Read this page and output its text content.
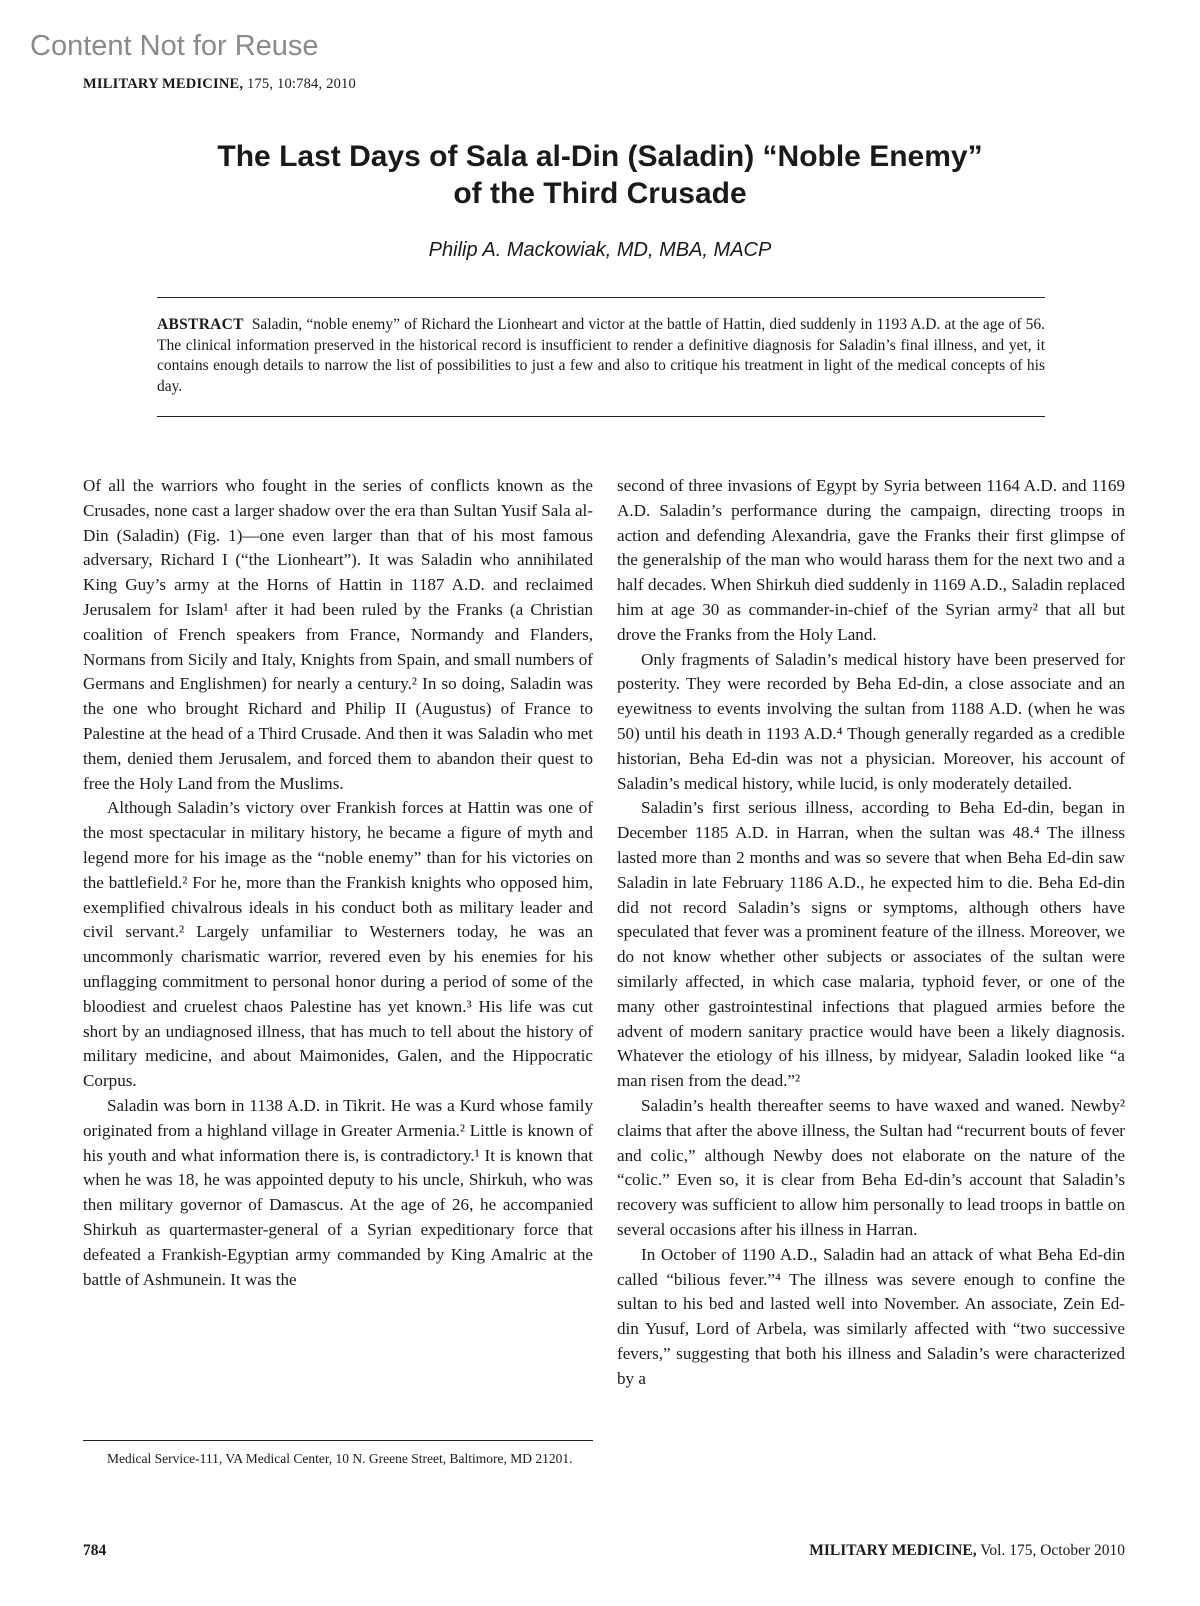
Content Not for Reuse
MILITARY MEDICINE, 175, 10:784, 2010
The Last Days of Sala al-Din (Saladin) “Noble Enemy”
of the Third Crusade
Philip A. Mackowiak, MD, MBA, MACP

ABSTRACT Saladin, “noble enemy” of Richard the Lionheart and victor at the battle of Hattin, died suddenly in 1193 A.D. at the age of 56. The clinical information preserved in the historical record is insufficient to render a definitive diagnosis for Saladin’s final illness, and yet, it contains enough details to narrow the list of possibilities to just a few and also to critique his treatment in light of the medical concepts of his day.

Of all the warriors who fought in the series of conflicts known as the Crusades, none cast a larger shadow over the era than Sultan Yusif Sala al-Din (Saladin) (Fig. 1)—one even larger than that of his most famous adversary, Richard I (“the Lionheart”). It was Saladin who annihilated King Guy’s army at the Horns of Hattin in 1187 A.D. and reclaimed Jerusalem for Islam¹ after it had been ruled by the Franks (a Christian coalition of French speakers from France, Normandy and Flanders, Normans from Sicily and Italy, Knights from Spain, and small numbers of Germans and Englishmen) for nearly a century.² In so doing, Saladin was the one who brought Richard and Philip II (Augustus) of France to Palestine at the head of a Third Crusade. And then it was Saladin who met them, denied them Jerusalem, and forced them to abandon their quest to free the Holy Land from the Muslims.

Although Saladin’s victory over Frankish forces at Hattin was one of the most spectacular in military history, he became a figure of myth and legend more for his image as the “noble enemy” than for his victories on the battlefield.² For he, more than the Frankish knights who opposed him, exemplified chivalrous ideals in his conduct both as military leader and civil servant.² Largely unfamiliar to Westerners today, he was an uncommonly charismatic warrior, revered even by his enemies for his unflagging commitment to personal honor during a period of some of the bloodiest and cruelest chaos Palestine has yet known.³ His life was cut short by an undiagnosed illness, that has much to tell about the history of military medicine, and about Maimonides, Galen, and the Hippocratic Corpus.

Saladin was born in 1138 A.D. in Tikrit. He was a Kurd whose family originated from a highland village in Greater Armenia.² Little is known of his youth and what information there is, is contradictory.¹ It is known that when he was 18, he was appointed deputy to his uncle, Shirkuh, who was then military governor of Damascus. At the age of 26, he accompanied Shirkuh as quartermaster-general of a Syrian expeditionary force that defeated a Frankish-Egyptian army commanded by King Amalric at the battle of Ashmunein. It was the

second of three invasions of Egypt by Syria between 1164 A.D. and 1169 A.D. Saladin’s performance during the campaign, directing troops in action and defending Alexandria, gave the Franks their first glimpse of the generalship of the man who would harass them for the next two and a half decades. When Shirkuh died suddenly in 1169 A.D., Saladin replaced him at age 30 as commander-in-chief of the Syrian army² that all but drove the Franks from the Holy Land.

Only fragments of Saladin’s medical history have been preserved for posterity. They were recorded by Beha Ed-din, a close associate and an eyewitness to events involving the sultan from 1188 A.D. (when he was 50) until his death in 1193 A.D.⁴ Though generally regarded as a credible historian, Beha Ed-din was not a physician. Moreover, his account of Saladin’s medical history, while lucid, is only moderately detailed.

Saladin’s first serious illness, according to Beha Ed-din, began in December 1185 A.D. in Harran, when the sultan was 48.⁴ The illness lasted more than 2 months and was so severe that when Beha Ed-din saw Saladin in late February 1186 A.D., he expected him to die. Beha Ed-din did not record Saladin’s signs or symptoms, although others have speculated that fever was a prominent feature of the illness. Moreover, we do not know whether other subjects or associates of the sultan were similarly affected, in which case malaria, typhoid fever, or one of the many other gastrointestinal infections that plagued armies before the advent of modern sanitary practice would have been a likely diagnosis. Whatever the etiology of his illness, by midyear, Saladin looked like “a man risen from the dead.”²

Saladin’s health thereafter seems to have waxed and waned. Newby² claims that after the above illness, the Sultan had “recurrent bouts of fever and colic,” although Newby does not elaborate on the nature of the “colic.” Even so, it is clear from Beha Ed-din’s account that Saladin’s recovery was sufficient to allow him personally to lead troops in battle on several occasions after his illness in Harran.

In October of 1190 A.D., Saladin had an attack of what Beha Ed-din called “bilious fever.”⁴ The illness was severe enough to confine the sultan to his bed and lasted well into November. An associate, Zein Ed-din Yusuf, Lord of Arbela, was similarly affected with “two successive fevers,” suggesting that both his illness and Saladin’s were characterized by a

Medical Service-111, VA Medical Center, 10 N. Greene Street, Baltimore, MD 21201.

784	MILITARY MEDICINE, Vol. 175, October 2010
